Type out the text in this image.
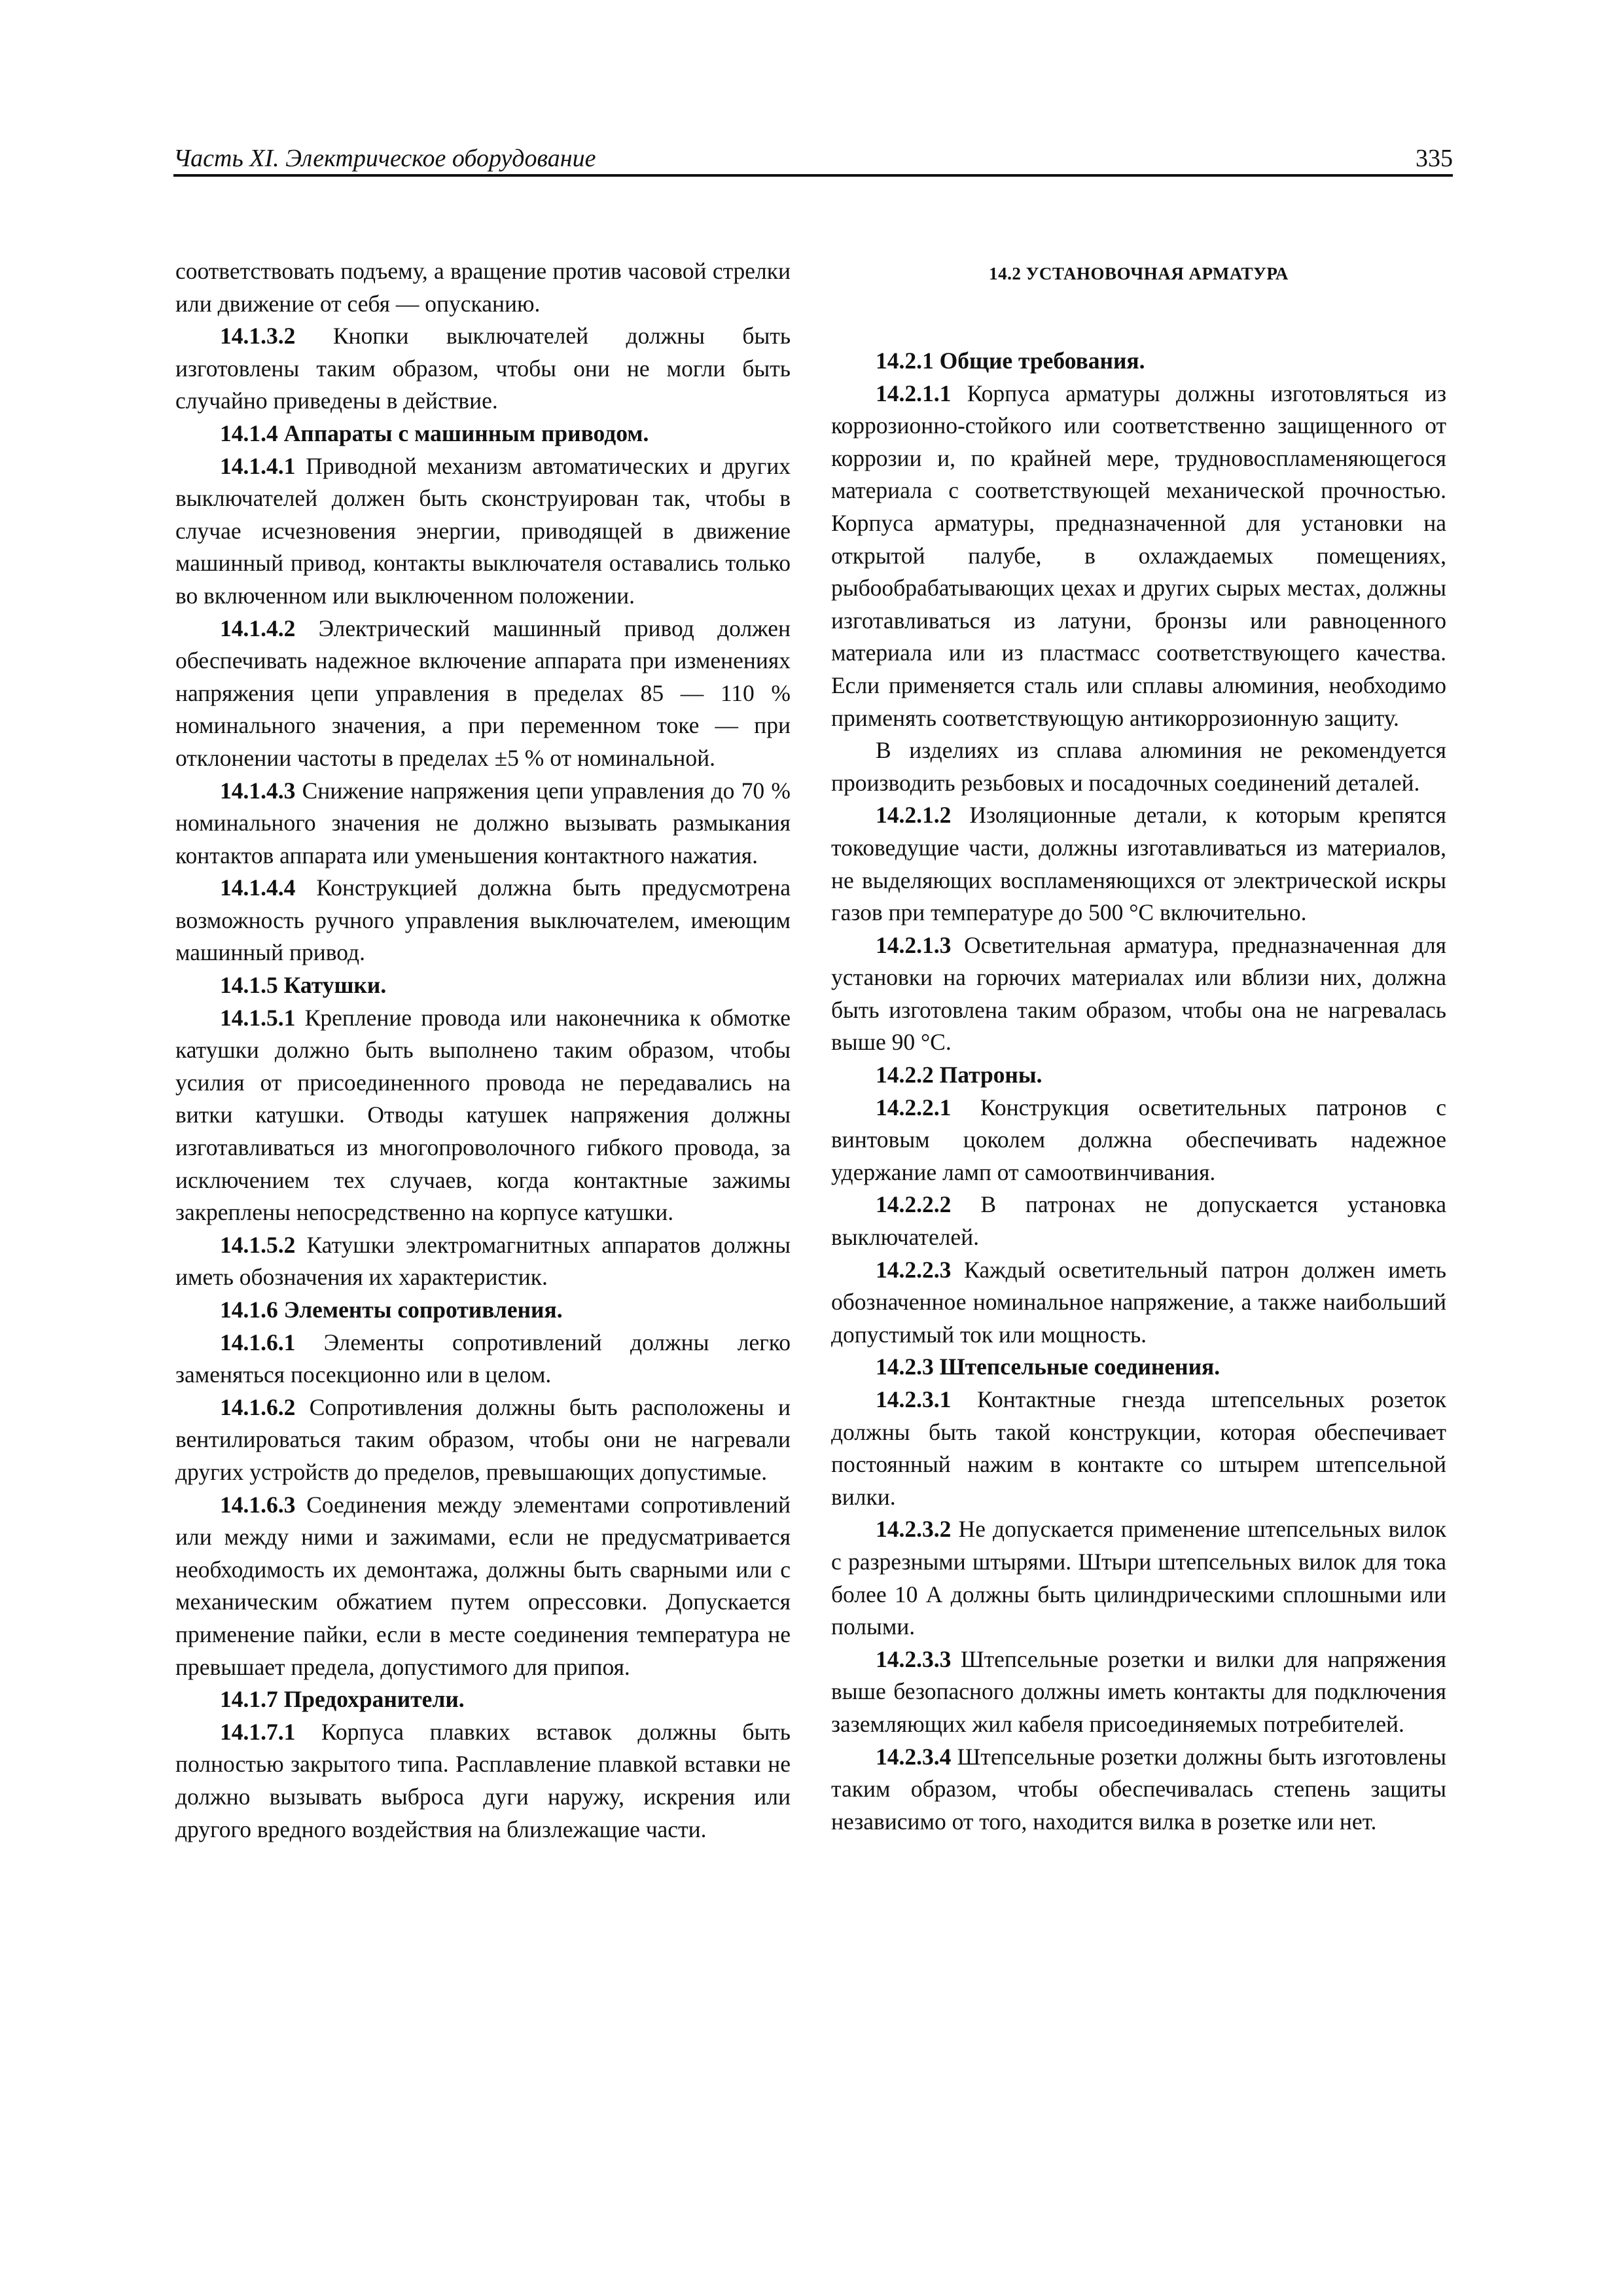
Часть XI. Электрическое оборудование	335

соответствовать подъему, а вращение против часовой стрелки или движение от себя — опусканию.

14.1.3.2 Кнопки выключателей должны быть изготовлены таким образом, чтобы они не могли быть случайно приведены в действие.

14.1.4 Аппараты с машинным приводом.

14.1.4.1 Приводной механизм автоматических и других выключателей должен быть сконструирован так, чтобы в случае исчезновения энергии, приводящей в движение машинный привод, контакты выключателя оставались только во включенном или выключенном положении.

14.1.4.2 Электрический машинный привод должен обеспечивать надежное включение аппарата при изменениях напряжения цепи управления в пределах 85 — 110 % номинального значения, а при переменном токе — при отклонении частоты в пределах ±5 % от номинальной.

14.1.4.3 Снижение напряжения цепи управления до 70 % номинального значения не должно вызывать размыкания контактов аппарата или уменьшения контактного нажатия.

14.1.4.4 Конструкцией должна быть предусмотрена возможность ручного управления выключателем, имеющим машинный привод.

14.1.5 Катушки.

14.1.5.1 Крепление провода или наконечника к обмотке катушки должно быть выполнено таким образом, чтобы усилия от присоединенного провода не передавались на витки катушки. Отводы катушек напряжения должны изготавливаться из многопроволочного гибкого провода, за исключением тех случаев, когда контактные зажимы закреплены непосредственно на корпусе катушки.

14.1.5.2 Катушки электромагнитных аппаратов должны иметь обозначения их характеристик.

14.1.6 Элементы сопротивления.

14.1.6.1 Элементы сопротивлений должны легко заменяться посекционно или в целом.

14.1.6.2 Сопротивления должны быть расположены и вентилироваться таким образом, чтобы они не нагревали других устройств до пределов, превышающих допустимые.

14.1.6.3 Соединения между элементами сопротивлений или между ними и зажимами, если не предусматривается необходимость их демонтажа, должны быть сварными или с механическим обжатием путем опрессовки. Допускается применение пайки, если в месте соединения температура не превышает предела, допустимого для припоя.

14.1.7 Предохранители.

14.1.7.1 Корпуса плавких вставок должны быть полностью закрытого типа. Расплавление плавкой вставки не должно вызывать выброса дуги наружу, искрения или другого вредного воздействия на близлежащие части.

14.2 УСТАНОВОЧНАЯ АРМАТУРА

14.2.1 Общие требования.

14.2.1.1 Корпуса арматуры должны изготовляться из коррозионно-стойкого или соответственно защищенного от коррозии и, по крайней мере, трудновоспламеняющегося материала с соответствующей механической прочностью. Корпуса арматуры, предназначенной для установки на открытой палубе, в охлаждаемых помещениях, рыбообрабатывающих цехах и других сырых местах, должны изготавливаться из латуни, бронзы или равноценного материала или из пластмасс соответствующего качества. Если применяется сталь или сплавы алюминия, необходимо применять соответствующую антикоррозионную защиту.

В изделиях из сплава алюминия не рекомендуется производить резьбовых и посадочных соединений деталей.

14.2.1.2 Изоляционные детали, к которым крепятся токоведущие части, должны изготавливаться из материалов, не выделяющих воспламеняющихся от электрической искры газов при температуре до 500 °С включительно.

14.2.1.3 Осветительная арматура, предназначенная для установки на горючих материалах или вблизи них, должна быть изготовлена таким образом, чтобы она не нагревалась выше 90 °С.

14.2.2 Патроны.

14.2.2.1 Конструкция осветительных патронов с винтовым цоколем должна обеспечивать надежное удержание ламп от самоотвинчивания.

14.2.2.2 В патронах не допускается установка выключателей.

14.2.2.3 Каждый осветительный патрон должен иметь обозначенное номинальное напряжение, а также наибольший допустимый ток или мощность.

14.2.3 Штепсельные соединения.

14.2.3.1 Контактные гнезда штепсельных розеток должны быть такой конструкции, которая обеспечивает постоянный нажим в контакте со штырем штепсельной вилки.

14.2.3.2 Не допускается применение штепсельных вилок с разрезными штырями. Штыри штепсельных вилок для тока более 10 А должны быть цилиндрическими сплошными или полыми.

14.2.3.3 Штепсельные розетки и вилки для напряжения выше безопасного должны иметь контакты для подключения заземляющих жил кабеля присоединяемых потребителей.

14.2.3.4 Штепсельные розетки должны быть изготовлены таким образом, чтобы обеспечивалась степень защиты независимо от того, находится вилка в розетке или нет.
